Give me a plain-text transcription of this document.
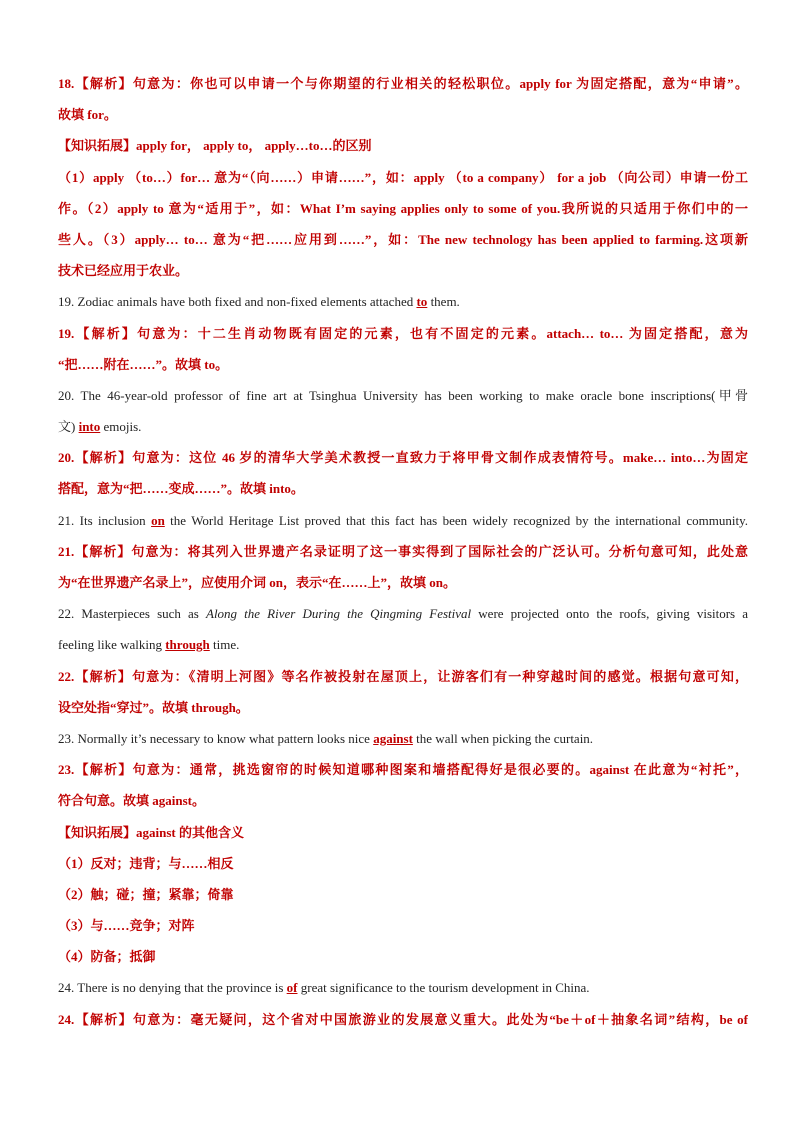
18.【解析】句意为：你也可以申请一个与你期望的行业相关的轻松职位。apply for 为固定搭配，意为“申请”。
故填 for。
【知识拓展】apply for， apply to， apply…to…的区别
（1）apply （to…）for… 意为“（向……）申请……”，如：apply （to a company） for a job （向公司）申请一份工
作。（2）apply to 意为“适用于”，如：What I’m saying applies only to some of you.我所说的只适用于你们中的一
些人。（3）apply… to… 意为“把……应用到……”，如：The new technology has been applied to farming.这项新
技术已经应用于农业。
19. Zodiac animals have both fixed and non-fixed elements attached to them.
19.【解析】句意为：十二生肖动物既有固定的元素，也有不固定的元素。attach… to… 为固定搭配，意为
“把……附在……”。故填 to。
20. The 46-year-old professor of fine art at Tsinghua University has been working to make oracle bone inscriptions(甲骨
文) into emojis.
20.【解析】句意为：这位 46 岁的清华大学美术教授一直致力于将甲骨文制作成表情符号。make… into…为固定
搭配，意为“把……变成……”。故填 into。
21. Its inclusion on the World Heritage List proved that this fact has been widely recognized by the international community.
21.【解析】句意为：将其列入世界遗产名录证明了这一事实得到了国际社会的广泛认可。分析句意可知，此处意
为“在世界遗产名录上”，应使用介词 on，表示“在……上”，故填 on。
22. Masterpieces such as Along the River During the Qingming Festival were projected onto the roofs, giving visitors a
feeling like walking through time.
22.【解析】句意为：《清明上河图》等名作被投射在屋顶上，让游客们有一种穿越时间的感觉。根据句意可知，
设空处指“穿过”。故填 through。
23. Normally it’s necessary to know what pattern looks nice against the wall when picking the curtain.
23.【解析】句意为：通常，挑选窗帘的时候知道哪种图案和墙搭配得好是很必要的。against 在此意为“衬托”，
符合句意。故填 against。
【知识拓展】against 的其他含义
（1）反对；违背；与……相反
（2）触；碰；撞；紧靠；倚靠
（3）与……竞争；对阵
（4）防备；抵御
24. There is no denying that the province is of great significance to the tourism development in China.
24.【解析】句意为：毫无疑问，这个省对中国旅游业的发展意义重大。此处为“be＋of＋抽象名词”结构，be of
